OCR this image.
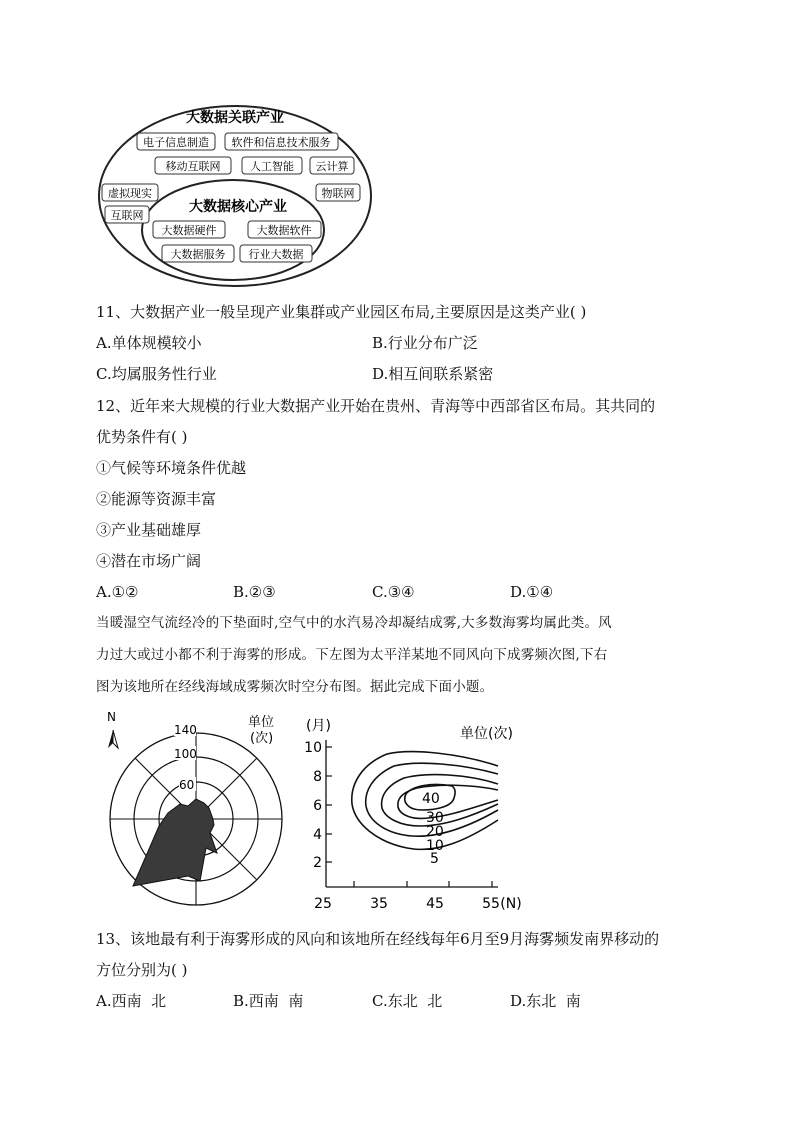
大数据关联产业
电子信息制造 软件和信息技术服务
移动互联网	人工智能 云计算
虚拟现实	物联网
互联网
大数据核心产业
大数据硬件	大数据软件
大数据服务 行业大数据
11、大数据产业一般呈现产业集群或产业园区布局,主要原因是这类产业( )
A.单体规模较小	B.行业分布广泛
C.均属服务性行业	D.相互间联系紧密
12、近年来大规模的行业大数据产业开始在贵州、青海等中西部省区布局。其共同的
优势条件有( )
①气候等环境条件优越
②能源等资源丰富
③产业基础雄厚
④潜在市场广阔
A.①②	B.②③	C.③④	D.①④
当暖湿空气流经冷的下垫面时,空气中的水汽易冷却凝结成雾,大多数海雾均属此类。风
力过大或过小都不利于海雾的形成。下左图为太平洋某地不同风向下成雾频次图,下右
图为该地所在经线海域成雾频次时空分布图。据此完成下面小题。
N
140
100
60
单位
(次)
(月)	单位(次)
10
8
6
4
2
25	35	45	55 (N)
40
30
20
10
5
13、该地最有利于海雾形成的风向和该地所在经线每年6月至9月海雾频发南界移动的
方位分别为( )
A.西南  北	B.西南  南	C.东北  北	D.东北  南
